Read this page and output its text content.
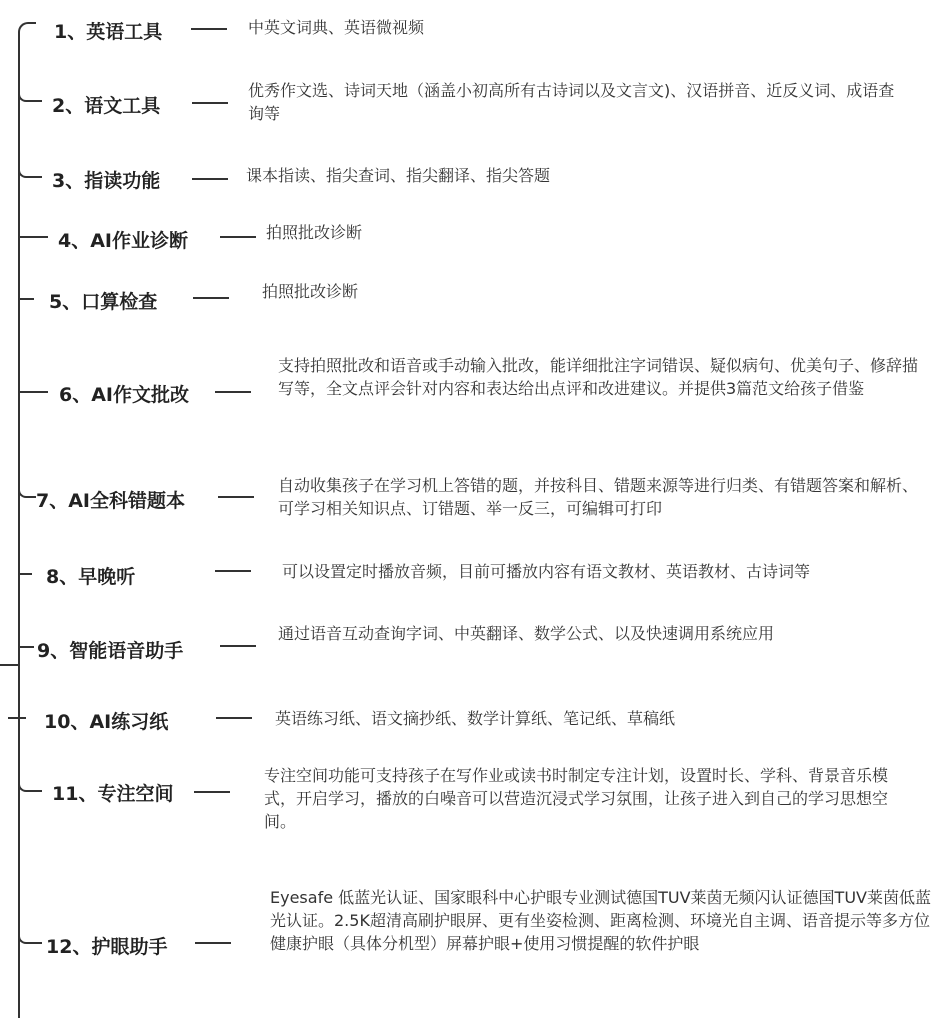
1、英语工具	中英文词典、英语微视频
2、语文工具
优秀作文选、诗词天地（涵盖小初高所有古诗词以及文言文)、汉语拼音、近反义词、成语查询等
3、指读功能	课本指读、指尖查词、指尖翻译、指尖答题
4、AI作业诊断	拍照批改诊断
5、口算检查	拍照批改诊断
6、AI作文批改
支持拍照批改和语音或手动输入批改，能详细批注字词错误、疑似病句、优美句子、修辞描写等，全文点评会针对内容和表达给出点评和改进建议。并提供3篇范文给孩子借鉴
7、AI全科错题本
自动收集孩子在学习机上答错的题，并按科目、错题来源等进行归类、有错题答案和解析、可学习相关知识点、订错题、举一反三，可编辑可打印
8、早晚听	可以设置定时播放音频，目前可播放内容有语文教材、英语教材、古诗词等
9、智能语音助手
通过语音互动查询字词、中英翻译、数学公式、以及快速调用系统应用
10、AI练习纸	英语练习纸、语文摘抄纸、数学计算纸、笔记纸、草稿纸
11、专注空间
专注空间功能可支持孩子在写作业或读书时制定专注计划，设置时长、学科、背景音乐模式，开启学习，播放的白噪音可以营造沉浸式学习氛围，让孩子进入到自己的学习思想空间。
12、护眼助手
Eyesafe 低蓝光认证、国家眼科中心护眼专业测试德国TUV莱茵无频闪认证德国TUV莱茵低蓝光认证。2.5K超清高刷护眼屏、更有坐姿检测、距离检测、环境光自主调、语音提示等多方位健康护眼（具体分机型）屏幕护眼+使用习惯提醒的软件护眼
